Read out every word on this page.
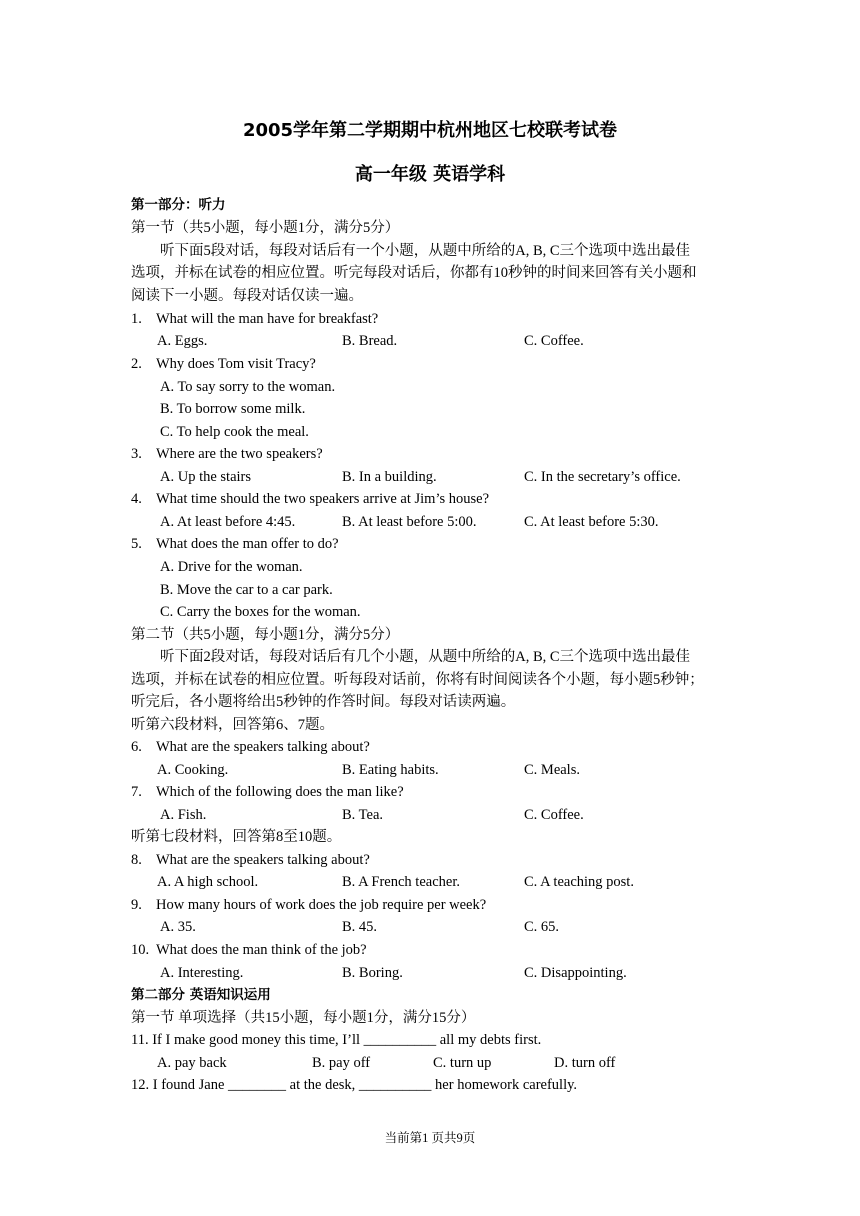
2005学年第二学期期中杭州地区七校联考试卷
高一年级 英语学科
第一部分：听力
第一节（共5小题，每小题1分，满分5分）
听下面5段对话，每段对话后有一个小题，从题中所给的A, B, C三个选项中选出最佳
选项，并标在试卷的相应位置。听完每段对话后，你都有10秒钟的时间来回答有关小题和
阅读下一小题。每段对话仅读一遍。
1. What will the man have for breakfast?
A. Eggs.	B. Bread.	C. Coffee.
2. Why does Tom visit Tracy?
A. To say sorry to the woman.
B. To borrow some milk.
C. To help cook the meal.
3. Where are the two speakers?
A. Up the stairs	B. In a building.	C. In the secretary’s office.
4. What time should the two speakers arrive at Jim’s house?
A. At least before 4:45.	B. At least before 5:00.	C. At least before 5:30.
5. What does the man offer to do?
A. Drive for the woman.
B. Move the car to a car park.
C. Carry the boxes for the woman.
第二节（共5小题，每小题1分，满分5分）
听下面2段对话，每段对话后有几个小题，从题中所给的A, B, C三个选项中选出最佳
选项，并标在试卷的相应位置。听每段对话前，你将有时间阅读各个小题，每小题5秒钟；
听完后，各小题将给出5秒钟的作答时间。每段对话读两遍。
听第六段材料，回答第6、7题。
6. What are the speakers talking about?
A. Cooking.	B. Eating habits.	C. Meals.
7. Which of the following does the man like?
A. Fish.	B. Tea.	C. Coffee.
听第七段材料，回答第8至10题。
8. What are the speakers talking about?
A. A high school.	B. A French teacher.	C. A teaching post.
9. How many hours of work does the job require per week?
A. 35.	B. 45.	C. 65.
10. What does the man think of the job?
A. Interesting.	B. Boring.	C. Disappointing.
第二部分 英语知识运用
第一节 单项选择（共15小题，每小题1分，满分15分）
11. If I make good money this time, I’ll __________ all my debts first.
A. pay back	B. pay off	C. turn up	D. turn off
12. I found Jane ________ at the desk, __________ her homework carefully.
当前第1 页共9页
